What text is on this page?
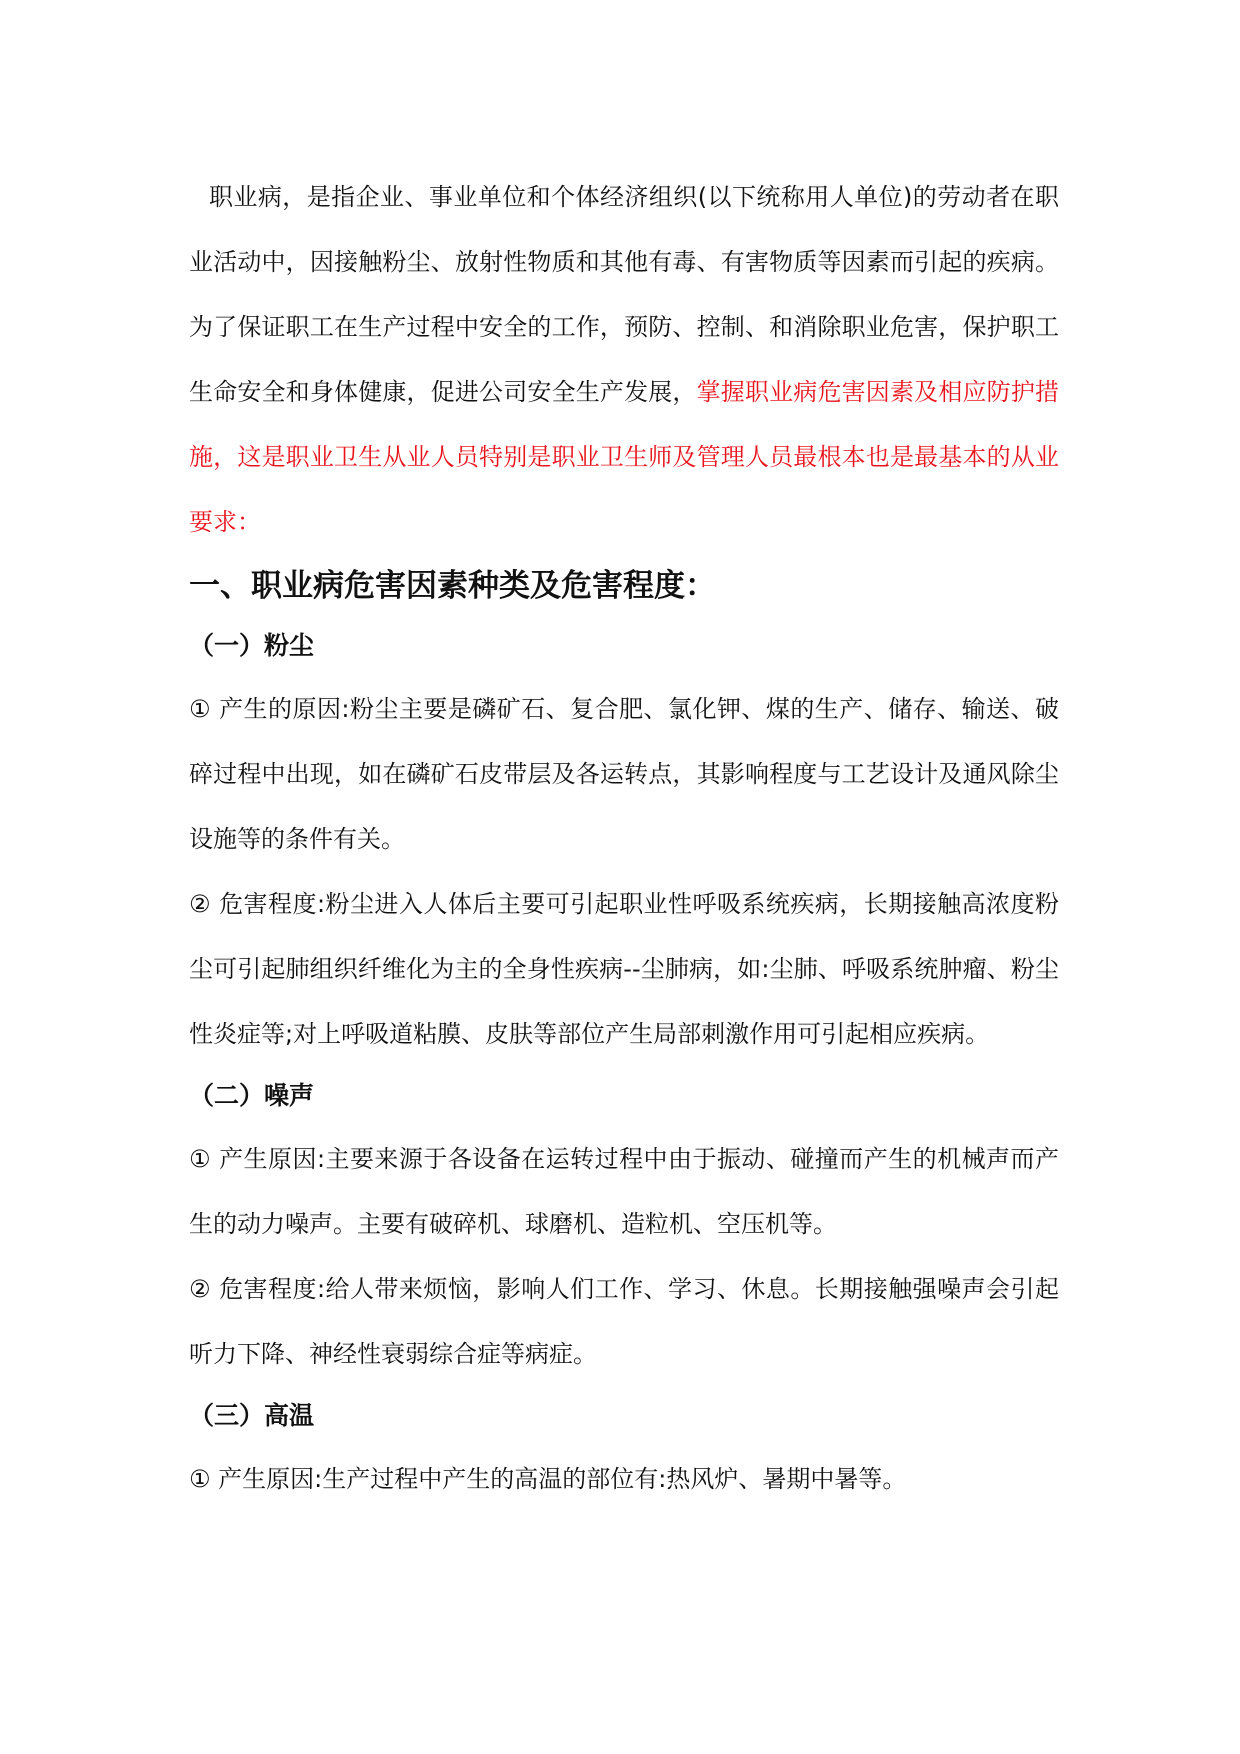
职业病，是指企业、事业单位和个体经济组织(以下统称用人单位)的劳动者在职业活动中，因接触粉尘、放射性物质和其他有毒、有害物质等因素而引起的疾病。为了保证职工在生产过程中安全的工作，预防、控制、和消除职业危害，保护职工生命安全和身体健康，促进公司安全生产发展，掌握职业病危害因素及相应防护措施，这是职业卫生从业人员特别是职业卫生师及管理人员最根本也是最基本的从业要求：

一、职业病危害因素种类及危害程度：
（一）粉尘

① 产生的原因:粉尘主要是磷矿石、复合肥、氯化钾、煤的生产、储存、输送、破碎过程中出现，如在磷矿石皮带层及各运转点，其影响程度与工艺设计及通风除尘设施等的条件有关。

② 危害程度:粉尘进入人体后主要可引起职业性呼吸系统疾病，长期接触高浓度粉尘可引起肺组织纤维化为主的全身性疾病--尘肺病，如:尘肺、呼吸系统肿瘤、粉尘性炎症等;对上呼吸道粘膜、皮肤等部位产生局部刺激作用可引起相应疾病。

（二）噪声

① 产生原因:主要来源于各设备在运转过程中由于振动、碰撞而产生的机械声而产生的动力噪声。主要有破碎机、球磨机、造粒机、空压机等。

② 危害程度:给人带来烦恼，影响人们工作、学习、休息。长期接触强噪声会引起听力下降、神经性衰弱综合症等病症。

（三）高温

① 产生原因:生产过程中产生的高温的部位有:热风炉、暑期中暑等。
